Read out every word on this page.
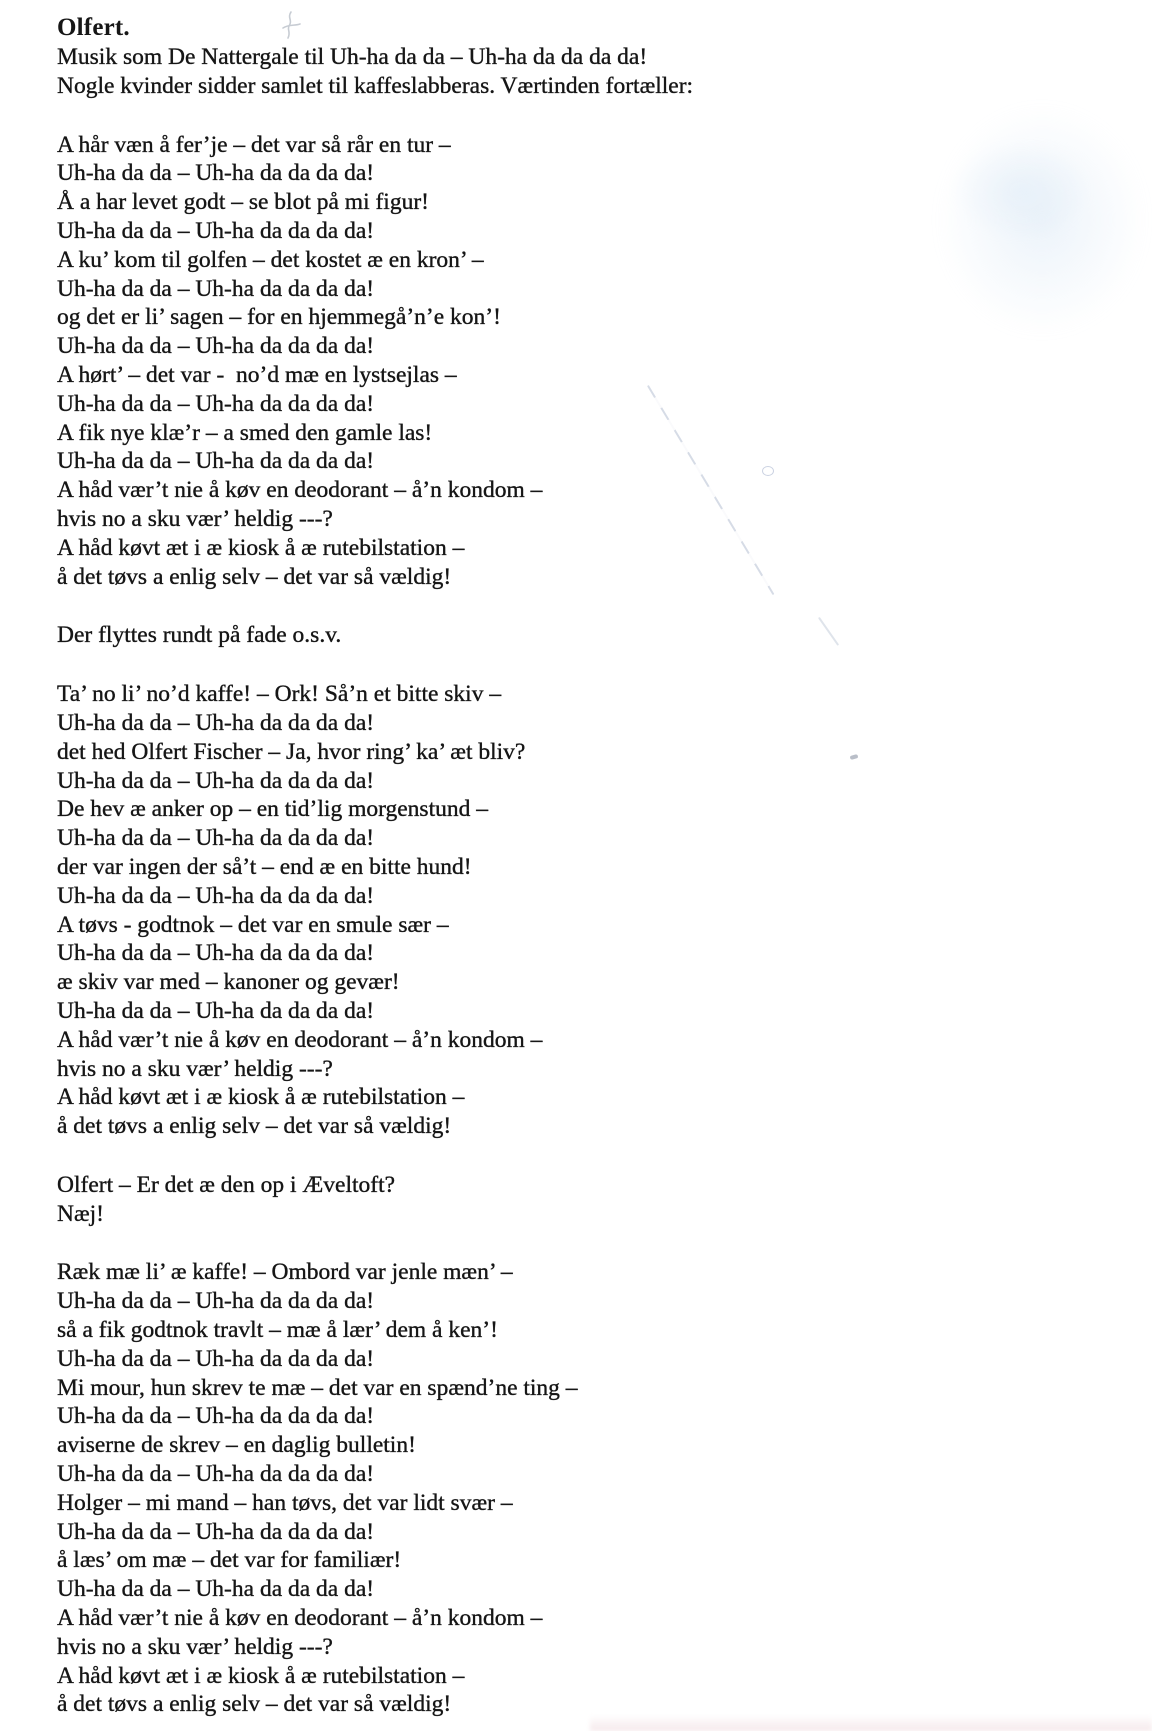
Olfert.
Musik som De Nattergale til Uh-ha da da – Uh-ha da da da da!
Nogle kvinder sidder samlet til kaffeslabberas. Værtinden fortæller:
A hår væn å fer’je – det var så rår en tur –
Uh-ha da da – Uh-ha da da da da!
Å a har levet godt – se blot på mi figur!
Uh-ha da da – Uh-ha da da da da!
A ku’ kom til golfen – det kostet æ en kron’ –
Uh-ha da da – Uh-ha da da da da!
og det er li’ sagen – for en hjemmegå’n’e kon’!
Uh-ha da da – Uh-ha da da da da!
A hørt’ – det var -  no’d mæ en lystsejlas –
Uh-ha da da – Uh-ha da da da da!
A fik nye klæ’r – a smed den gamle las!
Uh-ha da da – Uh-ha da da da da!
A håd vær’t nie å køv en deodorant – å’n kondom –
hvis no a sku vær’ heldig ---?
A håd køvt æt i æ kiosk å æ rutebilstation –
å det tøvs a enlig selv – det var så vældig!
Der flyttes rundt på fade o.s.v.
Ta’ no li’ no’d kaffe! – Ork! Så’n et bitte skiv –
Uh-ha da da – Uh-ha da da da da!
det hed Olfert Fischer – Ja, hvor ring’ ka’ æt bliv?
Uh-ha da da – Uh-ha da da da da!
De hev æ anker op – en tid’lig morgenstund –
Uh-ha da da – Uh-ha da da da da!
der var ingen der så’t – end æ en bitte hund!
Uh-ha da da – Uh-ha da da da da!
A tøvs - godtnok – det var en smule sær –
Uh-ha da da – Uh-ha da da da da!
æ skiv var med – kanoner og gevær!
Uh-ha da da – Uh-ha da da da da!
A håd vær’t nie å køv en deodorant – å’n kondom –
hvis no a sku vær’ heldig ---?
A håd køvt æt i æ kiosk å æ rutebilstation –
å det tøvs a enlig selv – det var så vældig!
Olfert – Er det æ den op i Æveltoft?
Næj!
Ræk mæ li’ æ kaffe! – Ombord var jenle mæn’ –
Uh-ha da da – Uh-ha da da da da!
så a fik godtnok travlt – mæ å lær’ dem å ken’!
Uh-ha da da – Uh-ha da da da da!
Mi mour, hun skrev te mæ – det var en spænd’ne ting –
Uh-ha da da – Uh-ha da da da da!
aviserne de skrev – en daglig bulletin!
Uh-ha da da – Uh-ha da da da da!
Holger – mi mand – han tøvs, det var lidt svær –
Uh-ha da da – Uh-ha da da da da!
å læs’ om mæ – det var for familiær!
Uh-ha da da – Uh-ha da da da da!
A håd vær’t nie å køv en deodorant – å’n kondom –
hvis no a sku vær’ heldig ---?
A håd køvt æt i æ kiosk å æ rutebilstation –
å det tøvs a enlig selv – det var så vældig!
